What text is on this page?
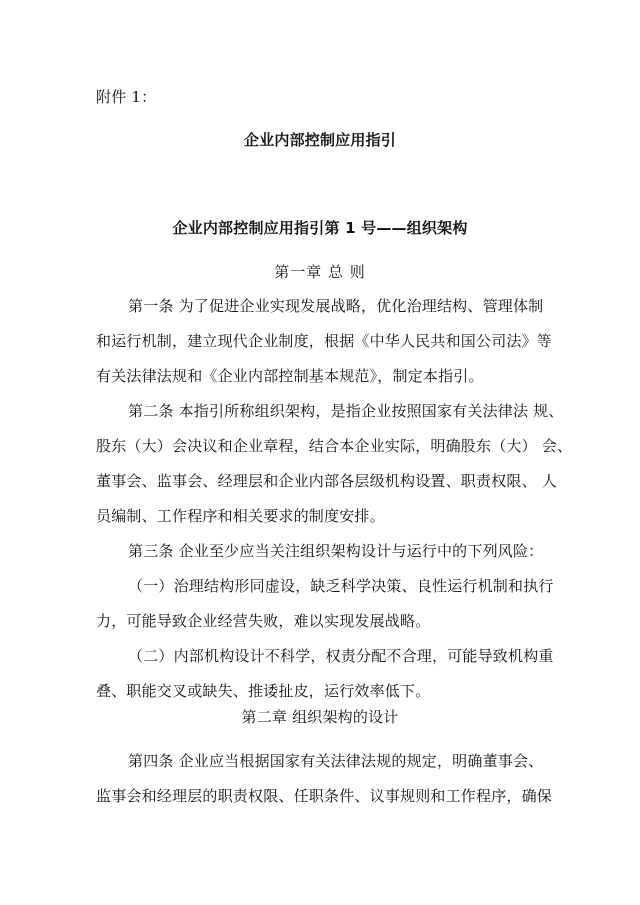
附件 1：
企业内部控制应用指引
企业内部控制应用指引第 1 号——组织架构
第一章 总 则
第一条 为了促进企业实现发展战略，优化治理结构、管理体制
和运行机制，建立现代企业制度，根据《中华人民共和国公司法》等
有关法律法规和《企业内部控制基本规范》，制定本指引。
第二条 本指引所称组织架构，是指企业按照国家有关法律法 规、
股东（大）会决议和企业章程，结合本企业实际，明确股东（大） 会、
董事会、监事会、经理层和企业内部各层级机构设置、职责权限、 人
员编制、工作程序和相关要求的制度安排。
第三条 企业至少应当关注组织架构设计与运行中的下列风险：
（一）治理结构形同虚设，缺乏科学决策、良性运行机制和执行
力，可能导致企业经营失败，难以实现发展战略。
（二）内部机构设计不科学，权责分配不合理，可能导致机构重
叠、职能交叉或缺失、推诿扯皮，运行效率低下。
第二章 组织架构的设计
第四条 企业应当根据国家有关法律法规的规定，明确董事会、
监事会和经理层的职责权限、任职条件、议事规则和工作程序，确保
